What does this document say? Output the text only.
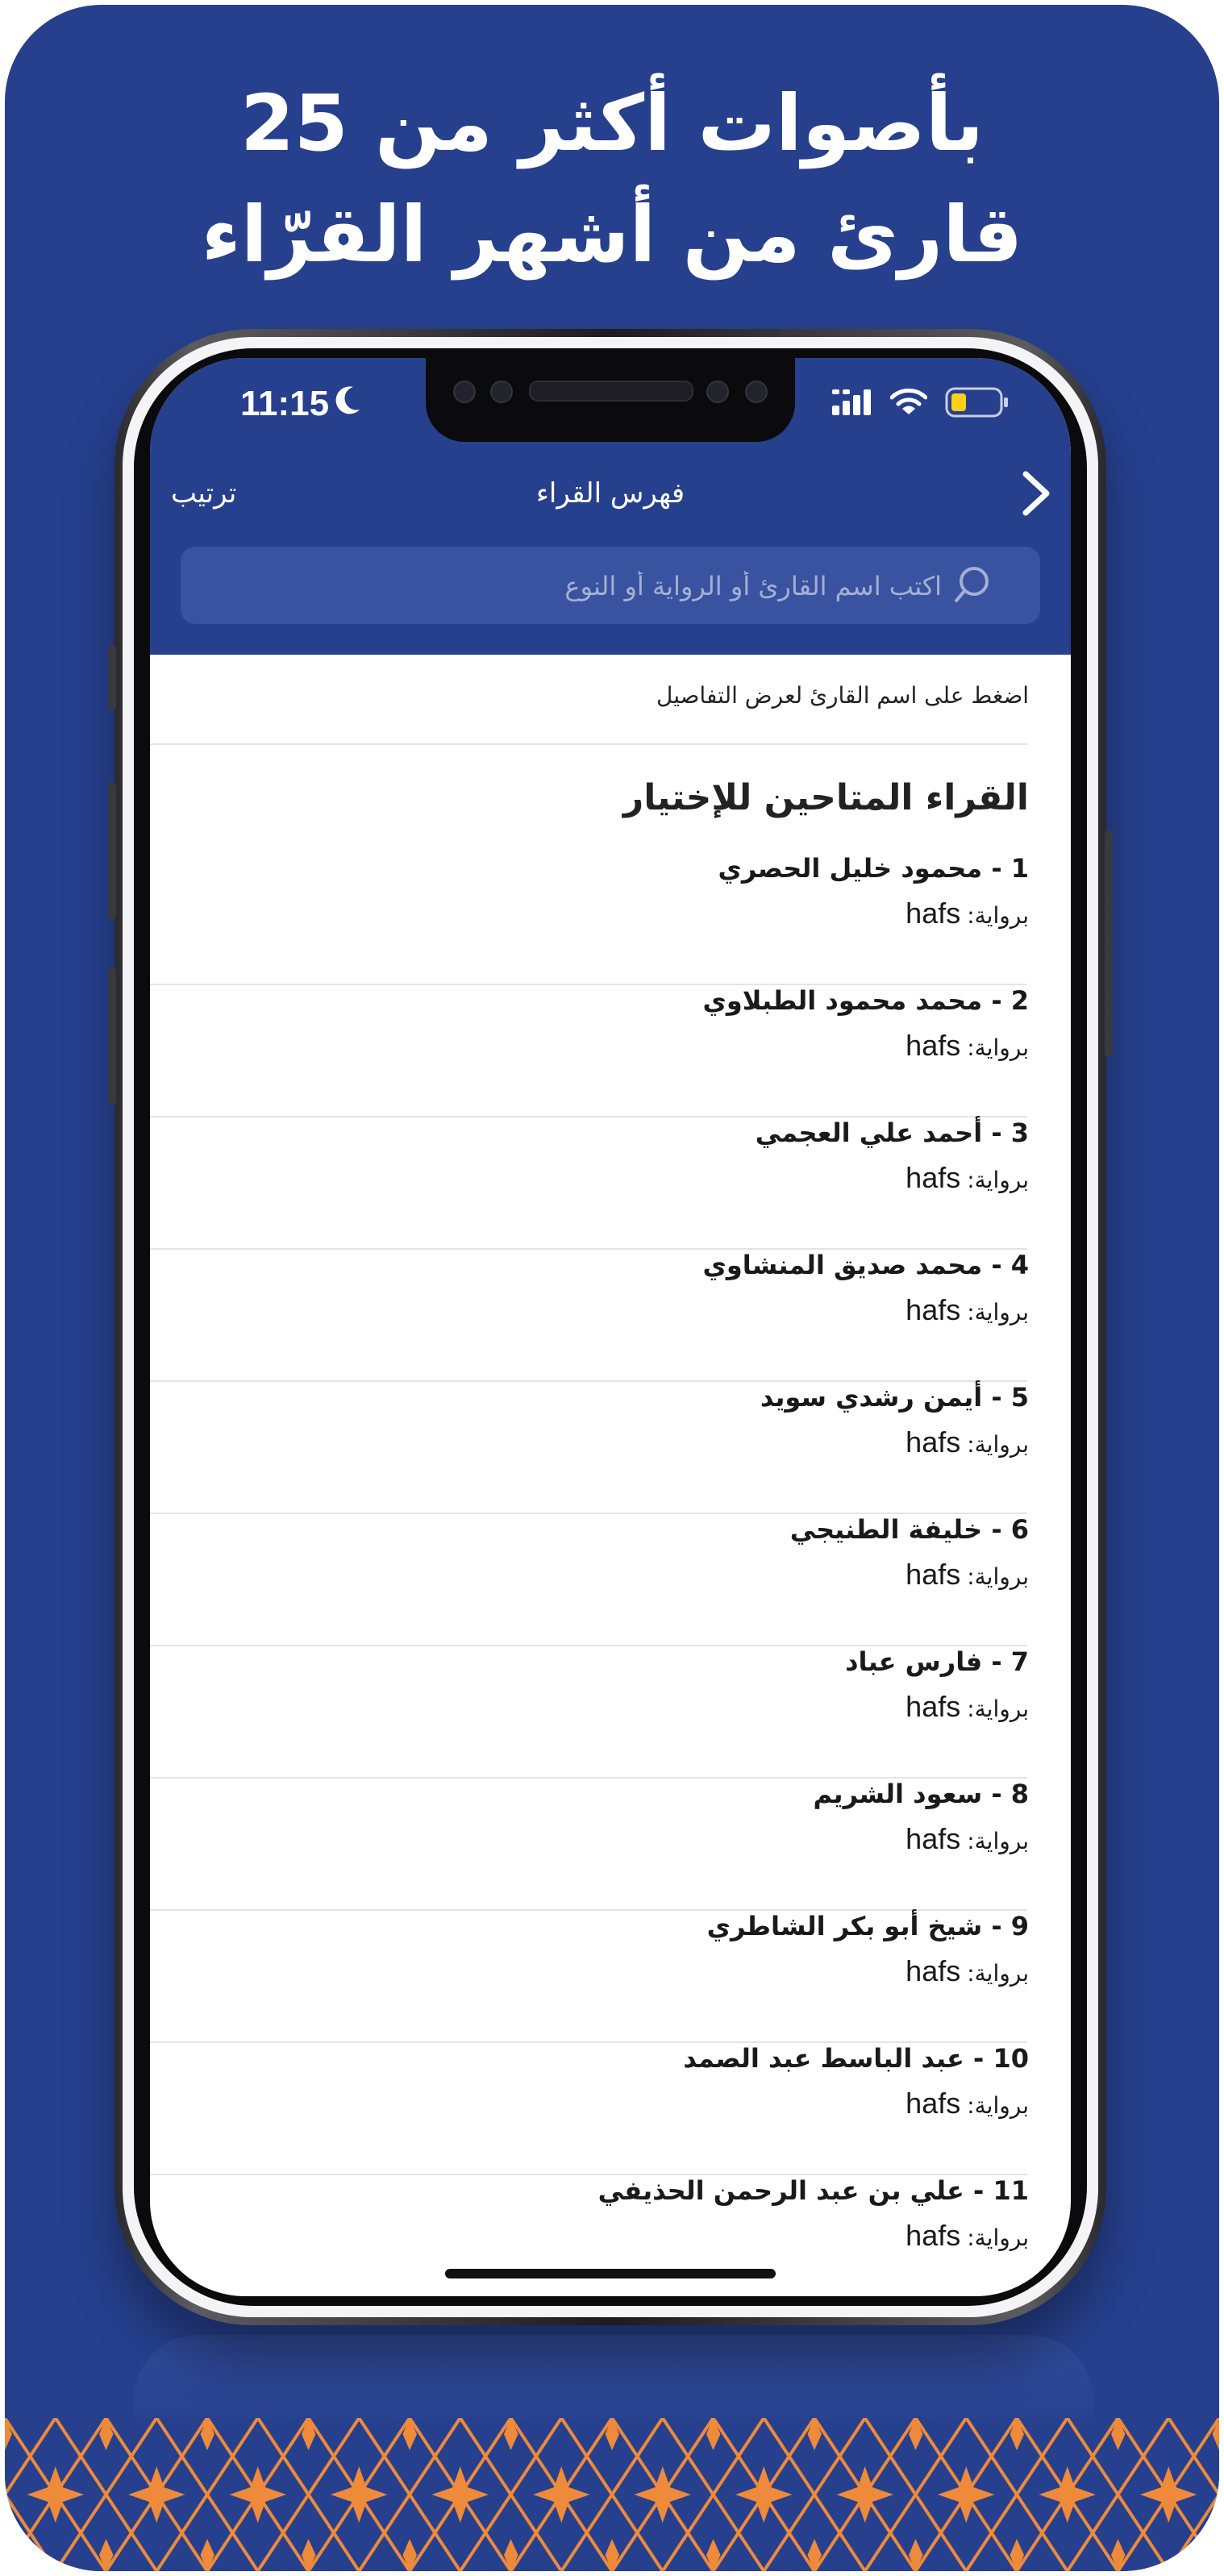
بأصوات أكثر من 25
قارئ من أشهر القرّاء
11:15
ترتيب	فهرس القراء
اكتب اسم القارئ أو الرواية أو النوع
اضغط على اسم القارئ لعرض التفاصيل
القراء المتاحين للإختيار
1 - محمود خليل الحصري
برواية:hafs
2 - محمد محمود الطبلاوي
برواية:hafs
3 - أحمد علي العجمي
برواية:hafs
4 - محمد صديق المنشاوي
برواية:hafs
5 - أيمن رشدي سويد
برواية:hafs
6 - خليفة الطنيجي
برواية:hafs
7 - فارس عباد
برواية:hafs
8 - سعود الشريم
برواية:hafs
9 - شيخ أبو بكر الشاطري
برواية:hafs
10 - عبد الباسط عبد الصمد
برواية:hafs
11 - علي بن عبد الرحمن الحذيفي
برواية:hafs
